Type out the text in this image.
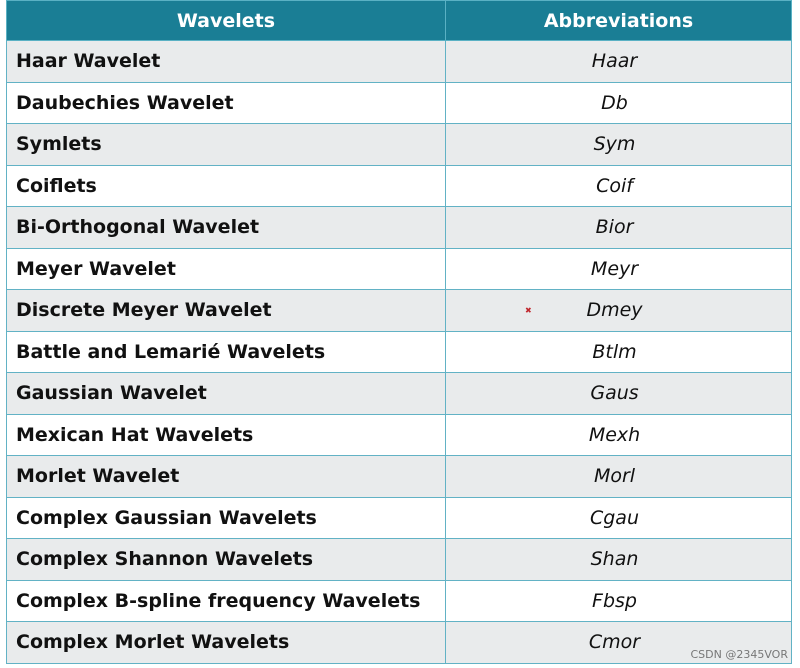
Wavelets	Abbreviations
Haar Wavelet	Haar
Daubechies Wavelet	Db
Symlets	Sym
Coiflets	Coif
Bi-Orthogonal Wavelet	Bior
Meyer Wavelet	Meyr
Discrete Meyer Wavelet	✖ Dmey
Battle and Lemarié Wavelets	Btlm
Gaussian Wavelet	Gaus
Mexican Hat Wavelets	Mexh
Morlet Wavelet	Morl
Complex Gaussian Wavelets	Cgau
Complex Shannon Wavelets	Shan
Complex B-spline frequency Wavelets	Fbsp
Complex Morlet Wavelets	Cmor
CSDN @2345VOR
